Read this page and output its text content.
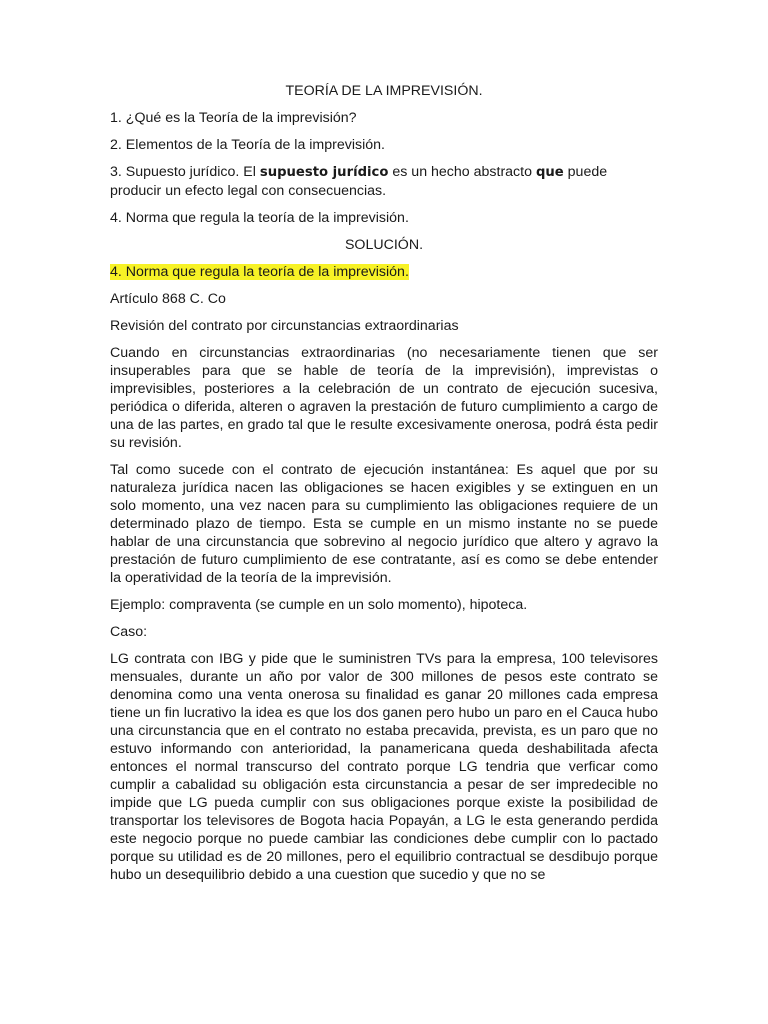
TEORÍA DE LA IMPREVISIÓN.

1. ¿Qué es la Teoría de la imprevisión?

2. Elementos de la Teoría de la imprevisión.

3. Supuesto jurídico. El supuesto jurídico es un hecho abstracto que puede producir un efecto legal con consecuencias.

4. Norma que regula la teoría de la imprevisión.

SOLUCIÓN.

4. Norma que regula la teoría de la imprevisión.

Artículo 868 C. Co

Revisión del contrato por circunstancias extraordinarias

Cuando en circunstancias extraordinarias (no necesariamente tienen que ser insuperables para que se hable de teoría de la imprevisión), imprevistas o imprevisibles, posteriores a la celebración de un contrato de ejecución sucesiva, periódica o diferida, alteren o agraven la prestación de futuro cumplimiento a cargo de una de las partes, en grado tal que le resulte excesivamente onerosa, podrá ésta pedir su revisión.

Tal como sucede con el contrato de ejecución instantánea: Es aquel que por su naturaleza jurídica nacen las obligaciones se hacen exigibles y se extinguen en un solo momento, una vez nacen para su cumplimiento las obligaciones requiere de un determinado plazo de tiempo. Esta se cumple en un mismo instante no se puede hablar de una circunstancia que sobrevino al negocio jurídico que altero y agravo la prestación de futuro cumplimiento de ese contratante, así es como se debe entender la operatividad de la teoría de la imprevisión.

Ejemplo: compraventa (se cumple en un solo momento), hipoteca.

Caso:

LG contrata con IBG y pide que le suministren TVs para la empresa, 100 televisores mensuales, durante un año por valor de 300 millones de pesos este contrato se denomina como una venta onerosa su finalidad es ganar 20 millones cada empresa tiene un fin lucrativo la idea es que los dos ganen pero hubo un paro en el Cauca hubo una circunstancia que en el contrato no estaba precavida, prevista, es un paro que no estuvo informando con anterioridad, la panamericana queda deshabilitada afecta entonces el normal transcurso del contrato porque LG tendria que verficar como cumplir a cabalidad su obligación esta circunstancia a pesar de ser impredecible no impide que LG pueda cumplir con sus obligaciones porque existe la posibilidad de transportar los televisores de Bogota hacia Popayán, a LG le esta generando perdida este negocio porque no puede cambiar las condiciones debe cumplir con lo pactado porque su utilidad es de 20 millones, pero el equilibrio contractual se desdibujo porque hubo un desequilibrio debido a una cuestion que sucedio y que no se
